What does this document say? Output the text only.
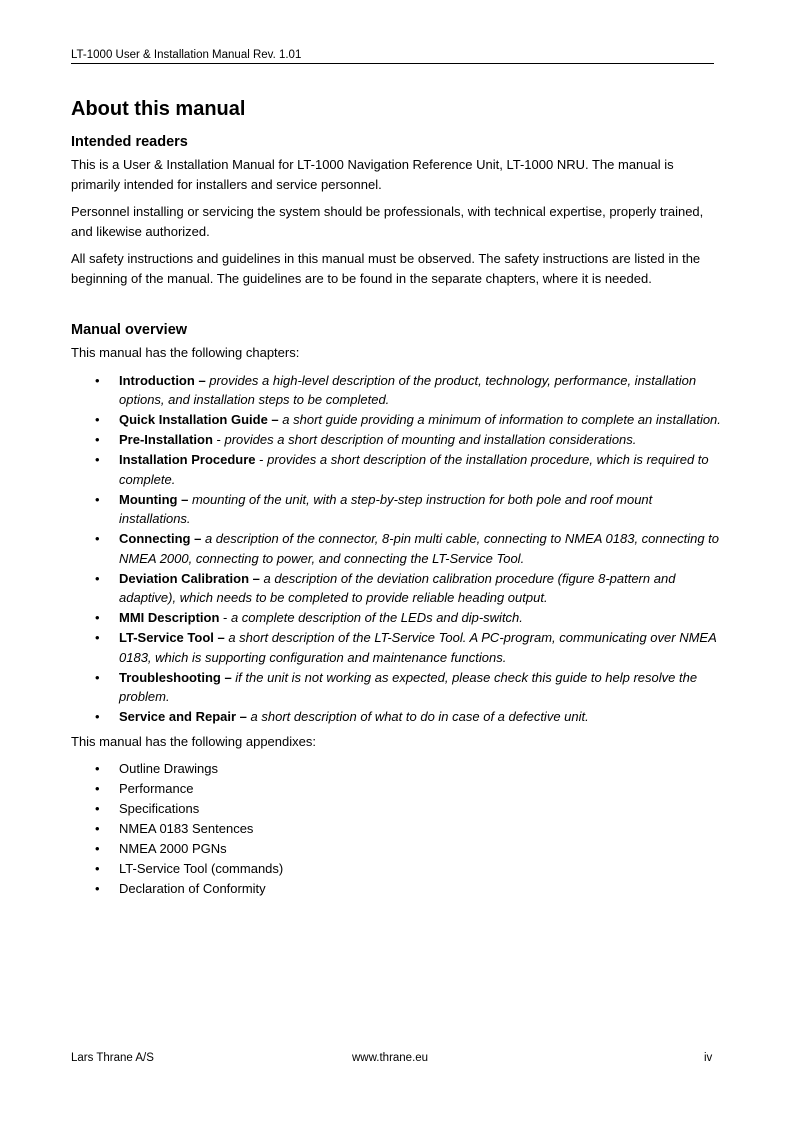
LT-1000 User & Installation Manual Rev. 1.01
About this manual
Intended readers

This is a User & Installation Manual for LT-1000 Navigation Reference Unit, LT-1000 NRU. The manual is primarily intended for installers and service personnel.

Personnel installing or servicing the system should be professionals, with technical expertise, properly trained, and likewise authorized.

All safety instructions and guidelines in this manual must be observed. The safety instructions are listed in the beginning of the manual. The guidelines are to be found in the separate chapters, where it is needed.

Manual overview

This manual has the following chapters:

• Introduction – provides a high-level description of the product, technology, performance, installation options, and installation steps to be completed.
• Quick Installation Guide – a short guide providing a minimum of information to complete an installation.
• Pre-Installation - provides a short description of mounting and installation considerations.
• Installation Procedure - provides a short description of the installation procedure, which is required to complete.
• Mounting – mounting of the unit, with a step-by-step instruction for both pole and roof mount installations.
• Connecting – a description of the connector, 8-pin multi cable, connecting to NMEA 0183, connecting to NMEA 2000, connecting to power, and connecting the LT-Service Tool.
• Deviation Calibration – a description of the deviation calibration procedure (figure 8-pattern and adaptive), which needs to be completed to provide reliable heading output.
• MMI Description - a complete description of the LEDs and dip-switch.
• LT-Service Tool – a short description of the LT-Service Tool. A PC-program, communicating over NMEA 0183, which is supporting configuration and maintenance functions.
• Troubleshooting – if the unit is not working as expected, please check this guide to help resolve the problem.
• Service and Repair – a short description of what to do in case of a defective unit.

This manual has the following appendixes:

• Outline Drawings
• Performance
• Specifications
• NMEA 0183 Sentences
• NMEA 2000 PGNs
• LT-Service Tool (commands)
• Declaration of Conformity
Lars Thrane A/S	www.thrane.eu	iv
